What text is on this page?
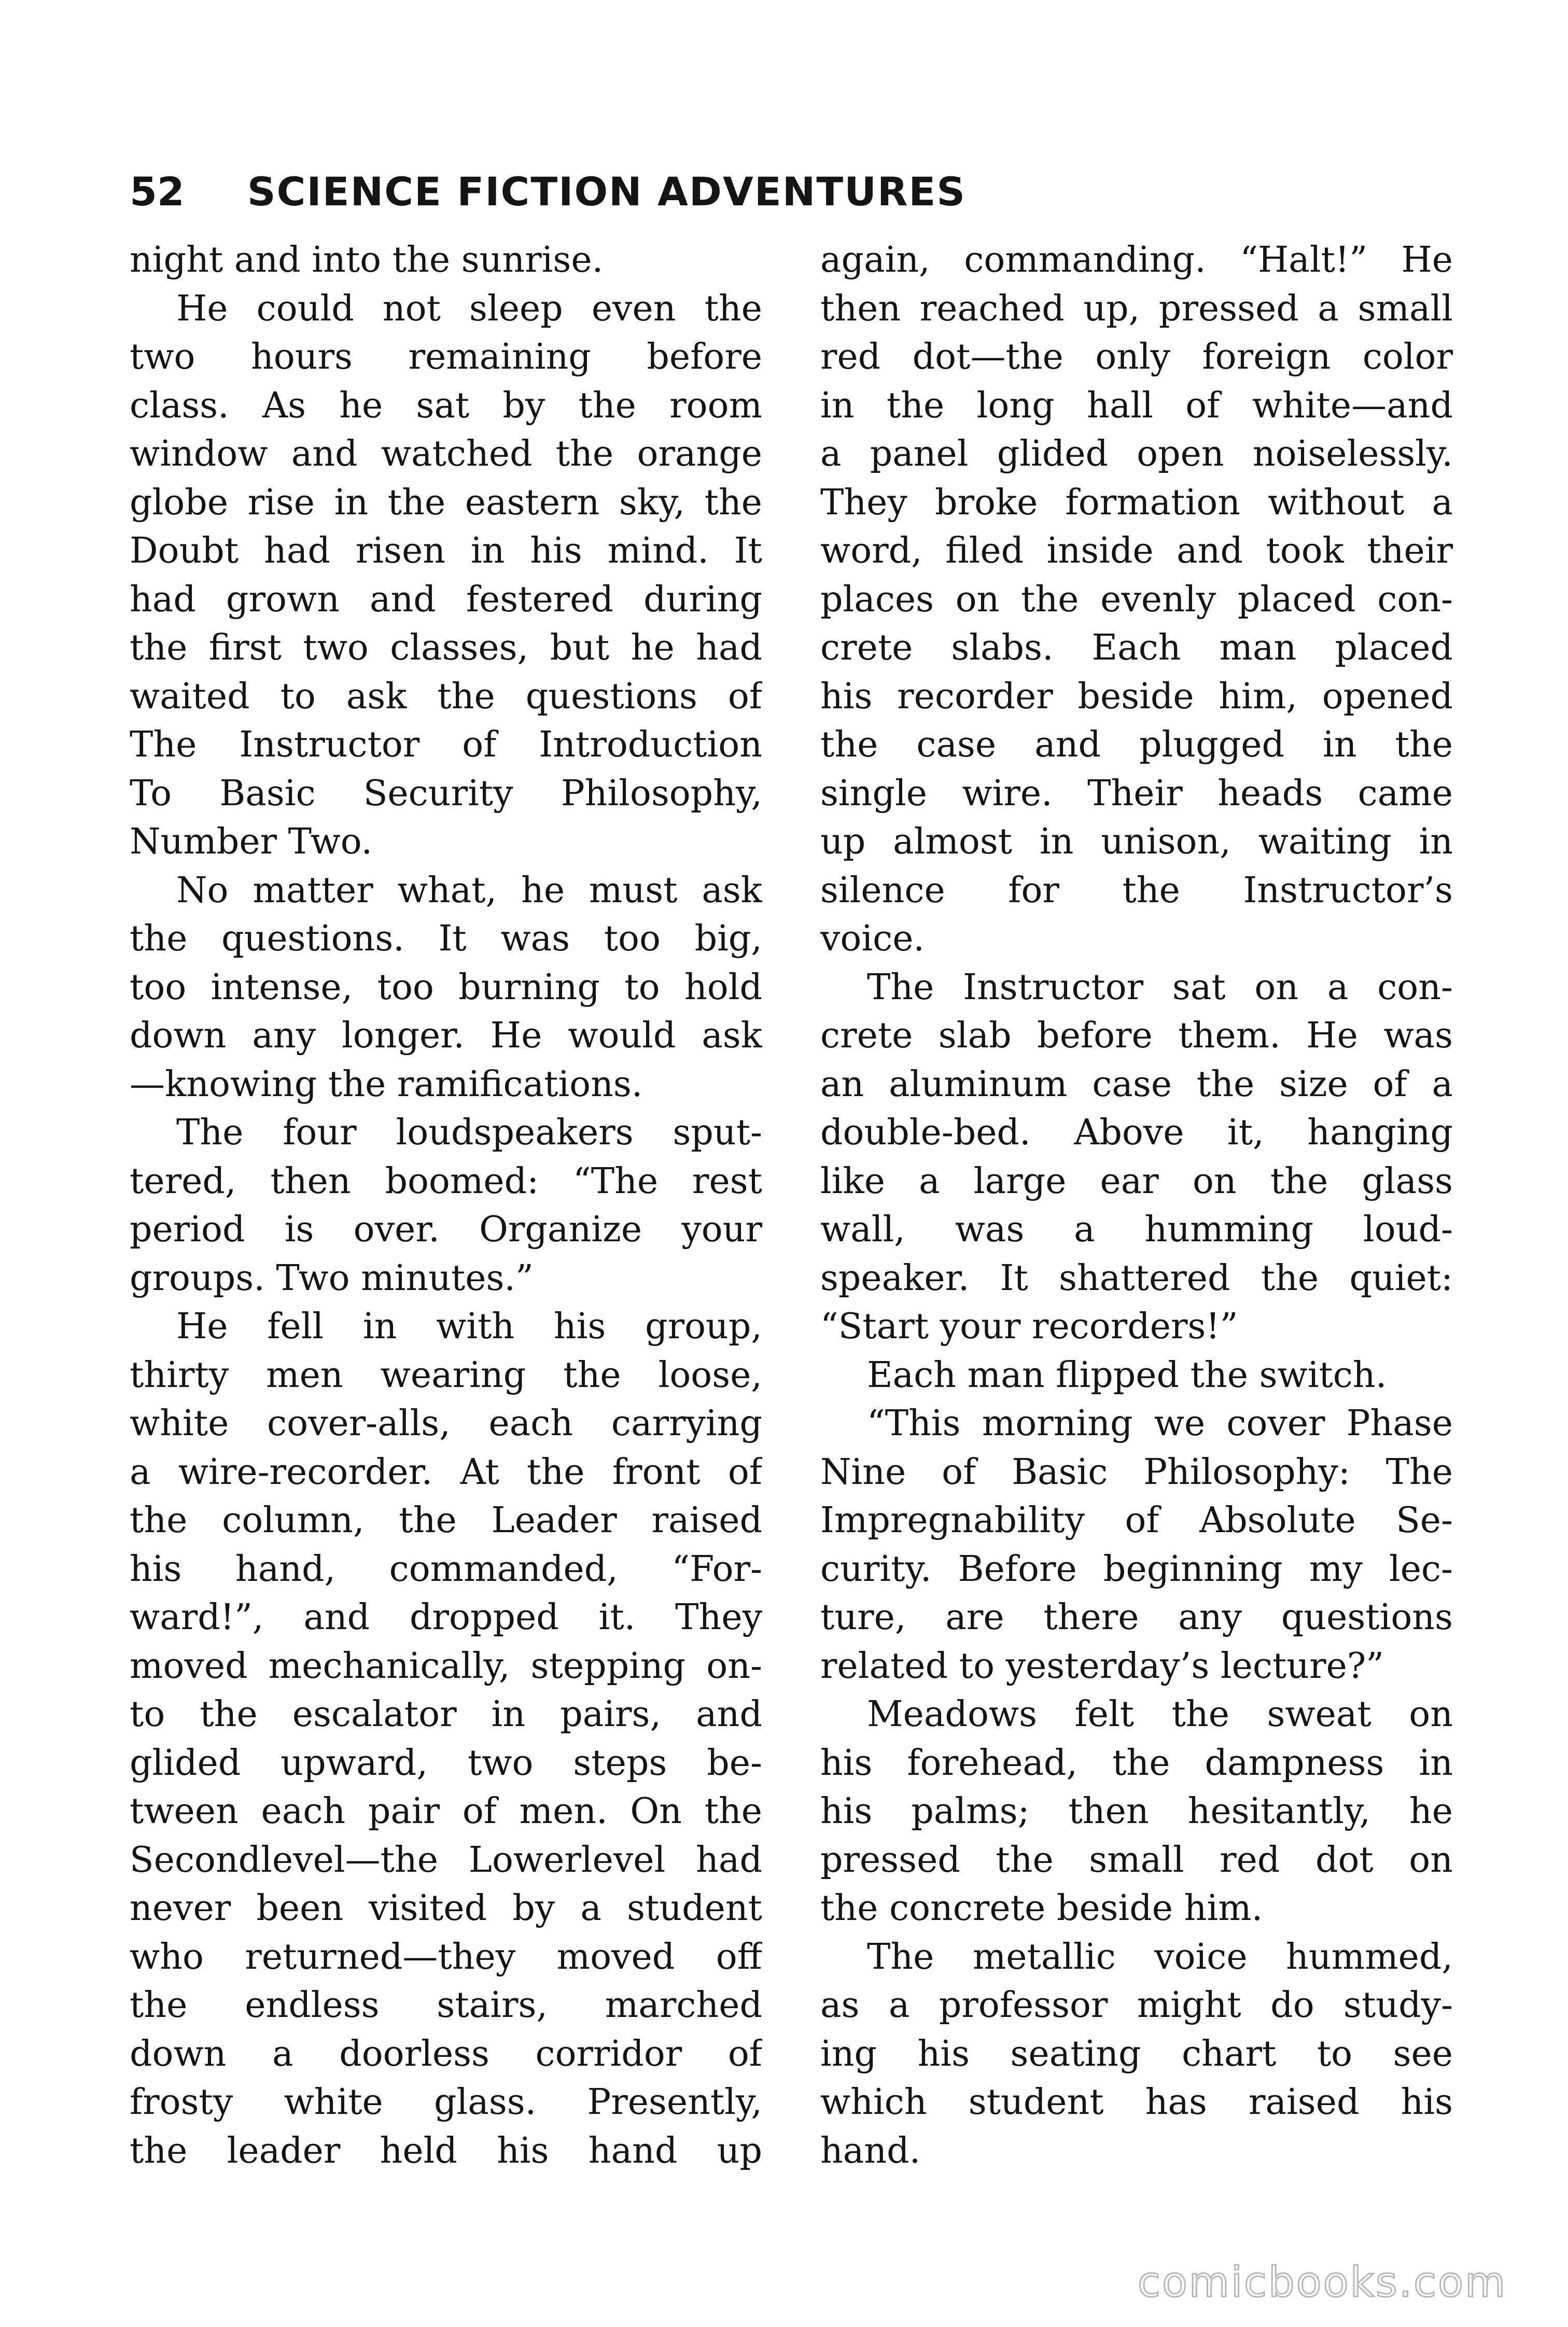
52	SCIENCE FICTION ADVENTURES
night and into the sunrise.
He could not sleep even the
two hours remaining before
class. As he sat by the room
window and watched the orange
globe rise in the eastern sky, the
Doubt had risen in his mind. It
had grown and festered during
the first two classes, but he had
waited to ask the questions of
The Instructor of Introduction
To Basic Security Philosophy,
Number Two.
No matter what, he must ask
the questions. It was too big,
too intense, too burning to hold
down any longer. He would ask
—knowing the ramifications.
The four loudspeakers sput-
tered, then boomed: “The rest
period is over. Organize your
groups. Two minutes.”
He fell in with his group,
thirty men wearing the loose,
white cover-alls, each carrying
a wire-recorder. At the front of
the column, the Leader raised
his hand, commanded, “For-
ward!”, and dropped it. They
moved mechanically, stepping on-
to the escalator in pairs, and
glided upward, two steps be-
tween each pair of men. On the
Secondlevel—the Lowerlevel had
never been visited by a student
who returned—they moved off
the endless stairs, marched
down a doorless corridor of
frosty white glass. Presently,
the leader held his hand up
again, commanding. “Halt!” He
then reached up, pressed a small
red dot—the only foreign color
in the long hall of white—and
a panel glided open noiselessly.
They broke formation without a
word, filed inside and took their
places on the evenly placed con-
crete slabs. Each man placed
his recorder beside him, opened
the case and plugged in the
single wire. Their heads came
up almost in unison, waiting in
silence for the Instructor’s
voice.
The Instructor sat on a con-
crete slab before them. He was
an aluminum case the size of a
double-bed. Above it, hanging
like a large ear on the glass
wall, was a humming loud-
speaker. It shattered the quiet:
“Start your recorders!”
Each man flipped the switch.
“This morning we cover Phase
Nine of Basic Philosophy: The
Impregnability of Absolute Se-
curity. Before beginning my lec-
ture, are there any questions
related to yesterday’s lecture?”
Meadows felt the sweat on
his forehead, the dampness in
his palms; then hesitantly, he
pressed the small red dot on
the concrete beside him.
The metallic voice hummed,
as a professor might do study-
ing his seating chart to see
which student has raised his
hand.
comicbooks.com
